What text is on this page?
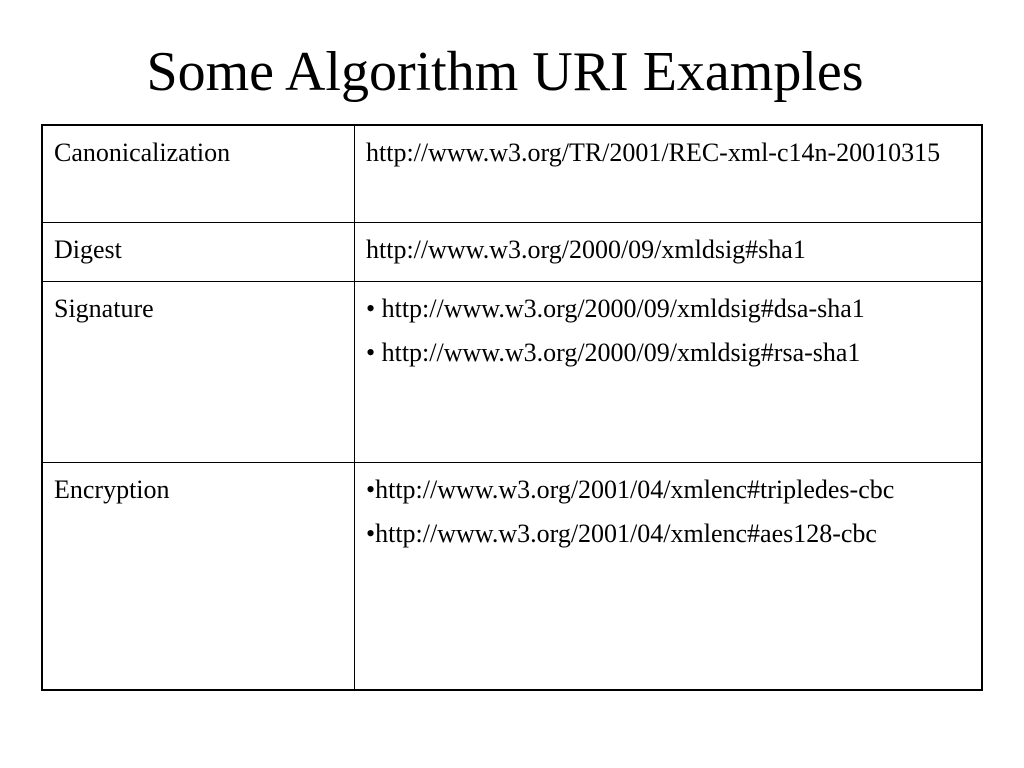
Some Algorithm URI Examples
Canonicalization	http://www.w3.org/TR/2001/REC-xml-c14n-20010315

Digest	http://www.w3.org/2000/09/xmldsig#sha1

Signature	• http://www.w3.org/2000/09/xmldsig#dsa-sha1
• http://www.w3.org/2000/09/xmldsig#rsa-sha1

Encryption	•http://www.w3.org/2001/04/xmlenc#tripledes-cbc
•http://www.w3.org/2001/04/xmlenc#aes128-cbc
